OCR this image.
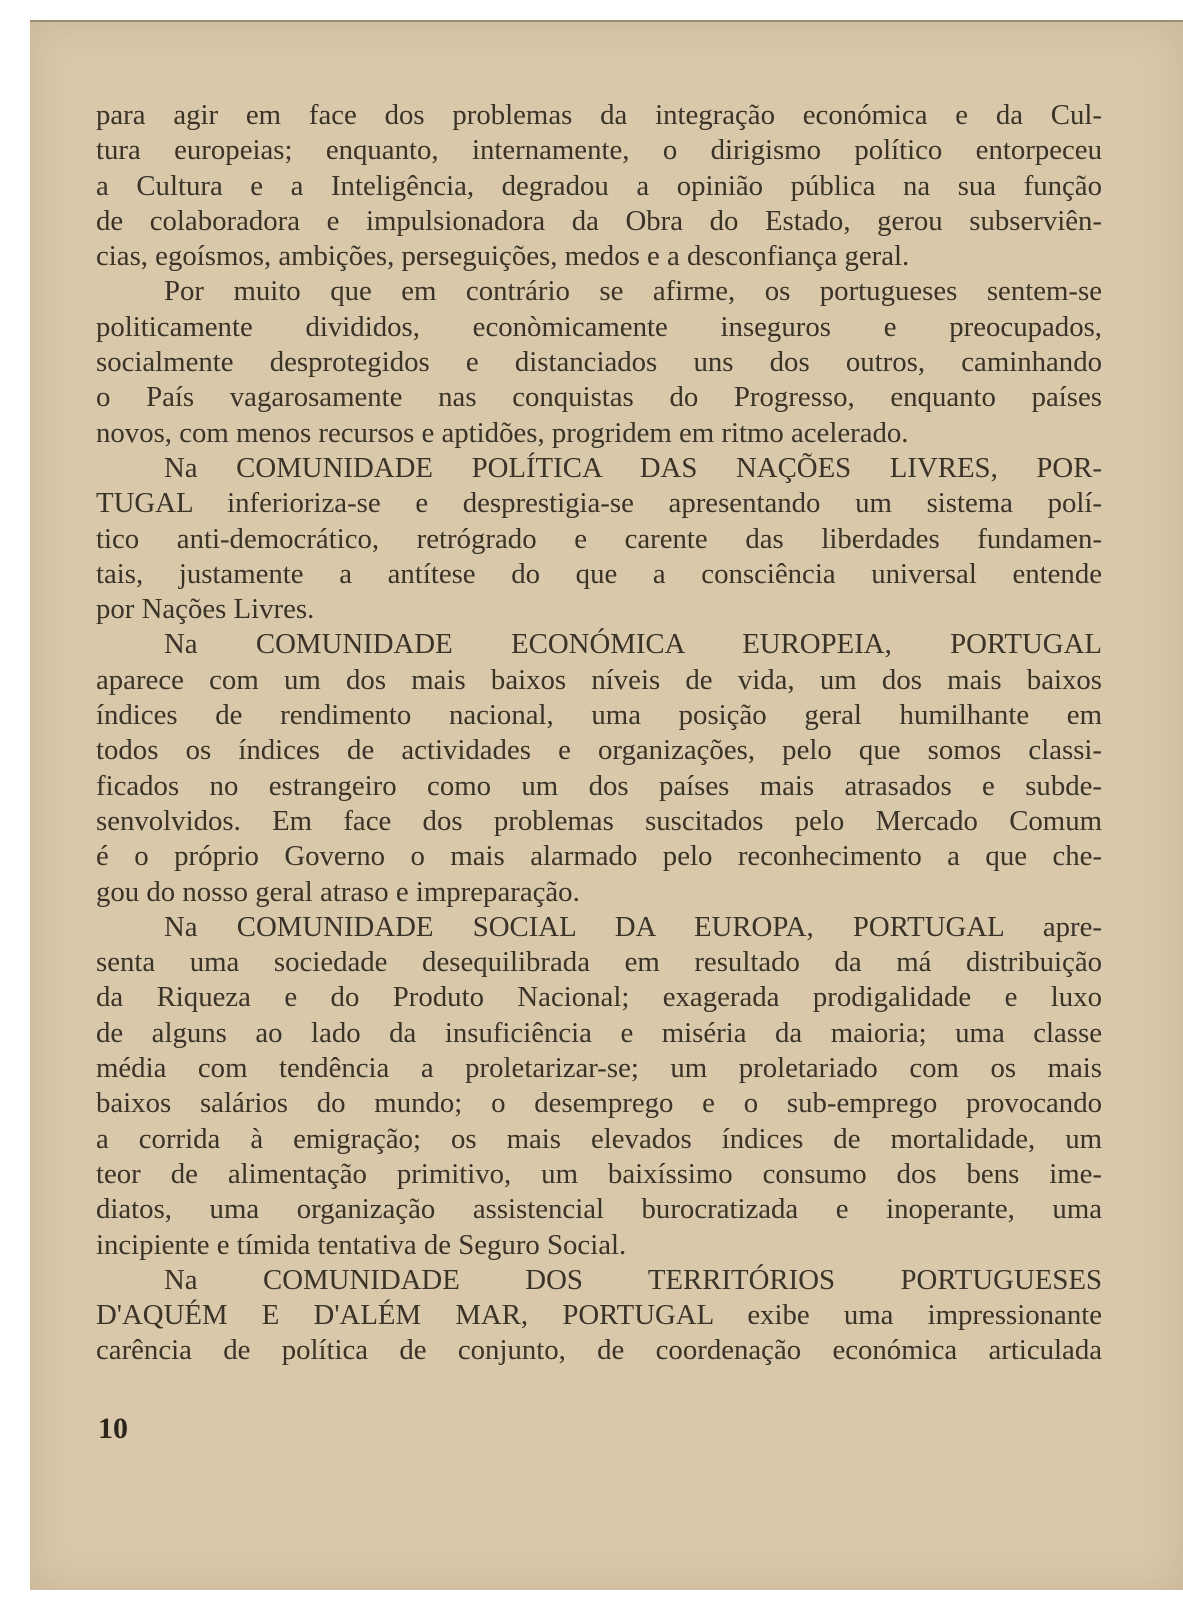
para agir em face dos problemas da integração económica e da Cul-
tura europeias; enquanto, internamente, o dirigismo político entorpeceu
a Cultura e a Inteligência, degradou a opinião pública na sua função
de colaboradora e impulsionadora da Obra do Estado, gerou subserviên-
cias, egoísmos, ambições, perseguições, medos e a desconfiança geral.
Por muito que em contrário se afirme, os portugueses sentem-se
politicamente divididos, econòmicamente inseguros e preocupados,
socialmente desprotegidos e distanciados uns dos outros, caminhando
o País vagarosamente nas conquistas do Progresso, enquanto países
novos, com menos recursos e aptidões, progridem em ritmo acelerado.
Na COMUNIDADE POLÍTICA DAS NAÇÕES LIVRES, POR-
TUGAL inferioriza-se e desprestigia-se apresentando um sistema polí-
tico anti-democrático, retrógrado e carente das liberdades fundamen-
tais, justamente a antítese do que a consciência universal entende
por Nações Livres.
Na COMUNIDADE ECONÓMICA EUROPEIA, PORTUGAL
aparece com um dos mais baixos níveis de vida, um dos mais baixos
índices de rendimento nacional, uma posição geral humilhante em
todos os índices de actividades e organizações, pelo que somos classi-
ficados no estrangeiro como um dos países mais atrasados e subde-
senvolvidos. Em face dos problemas suscitados pelo Mercado Comum
é o próprio Governo o mais alarmado pelo reconhecimento a que che-
gou do nosso geral atraso e impreparação.
Na COMUNIDADE SOCIAL DA EUROPA, PORTUGAL apre-
senta uma sociedade desequilibrada em resultado da má distribuição
da Riqueza e do Produto Nacional; exagerada prodigalidade e luxo
de alguns ao lado da insuficiência e miséria da maioria; uma classe
média com tendência a proletarizar-se; um proletariado com os mais
baixos salários do mundo; o desemprego e o sub-emprego provocando
a corrida à emigração; os mais elevados índices de mortalidade, um
teor de alimentação primitivo, um baixíssimo consumo dos bens ime-
diatos, uma organização assistencial burocratizada e inoperante, uma
incipiente e tímida tentativa de Seguro Social.
Na COMUNIDADE DOS TERRITÓRIOS PORTUGUESES
D'AQUÉM E D'ALÉM MAR, PORTUGAL exibe uma impressionante
carência de política de conjunto, de coordenação económica articulada
10
